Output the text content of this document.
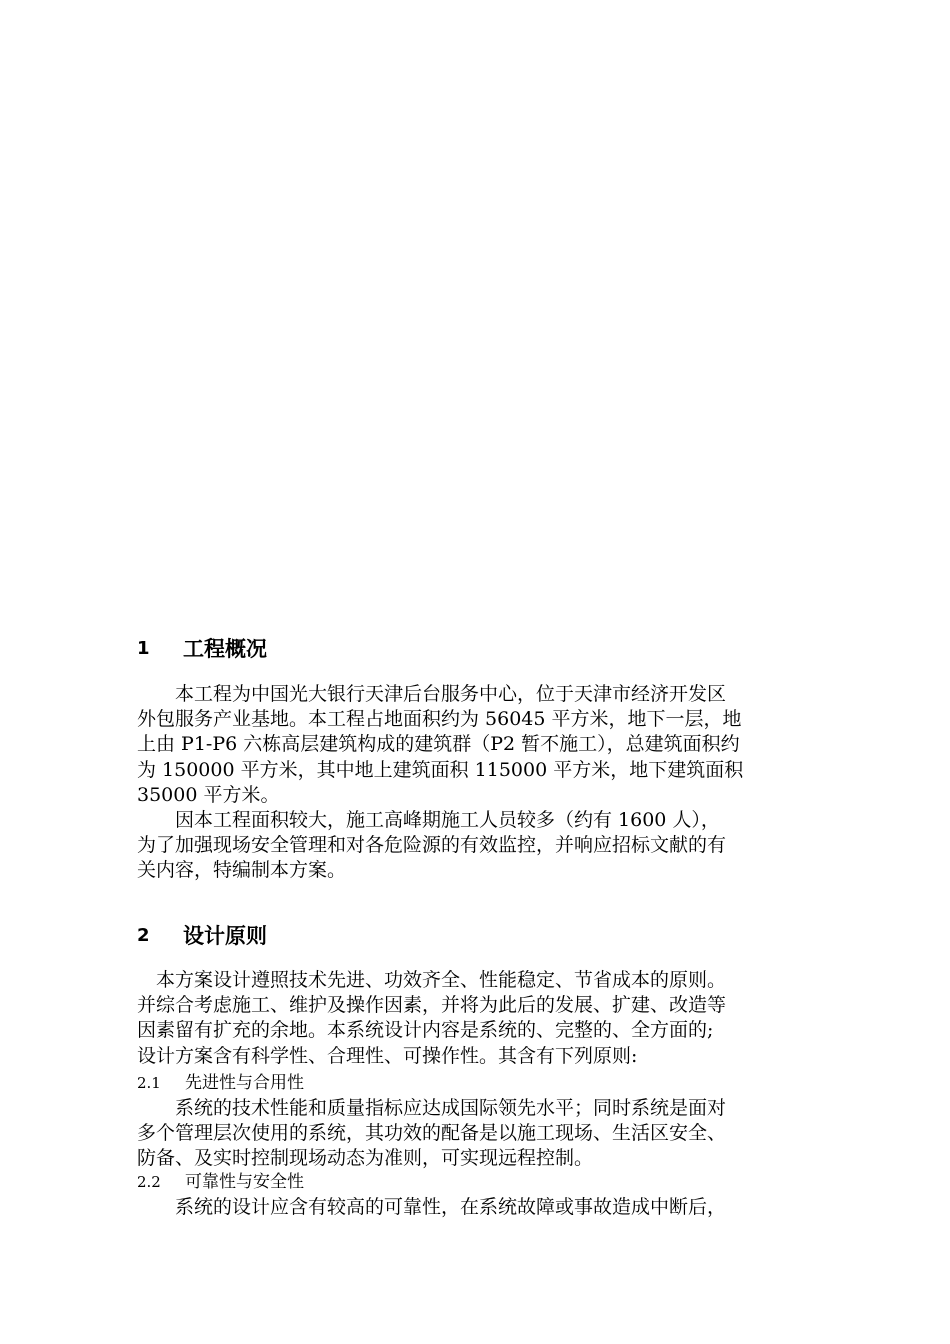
1	工程概况
　　本工程为中国光大银行天津后台服务中心，位于天津市经济开发区
外包服务产业基地。本工程占地面积约为 56045 平方米，地下一层，地
上由 P1-P6 六栋高层建筑构成的建筑群（P2 暂不施工），总建筑面积约
为 150000 平方米，其中地上建筑面积 115000 平方米，地下建筑面积
35000 平方米。
　　因本工程面积较大，施工高峰期施工人员较多（约有 1600 人），
为了加强现场安全管理和对各危险源的有效监控，并响应招标文献的有
关内容，特编制本方案。
2	设计原则
　本方案设计遵照技术先进、功效齐全、性能稳定、节省成本的原则。
并综合考虑施工、维护及操作因素，并将为此后的发展、扩建、改造等
因素留有扩充的余地。本系统设计内容是系统的、完整的、全方面的;
设计方案含有科学性、合理性、可操作性。其含有下列原则:
2.1 先进性与合用性
　　系统的技术性能和质量指标应达成国际领先水平；同时系统是面对
多个管理层次使用的系统，其功效的配备是以施工现场、生活区安全、
防备、及实时控制现场动态为准则，可实现远程控制。
2.2 可靠性与安全性
　　系统的设计应含有较高的可靠性，在系统故障或事故造成中断后，
